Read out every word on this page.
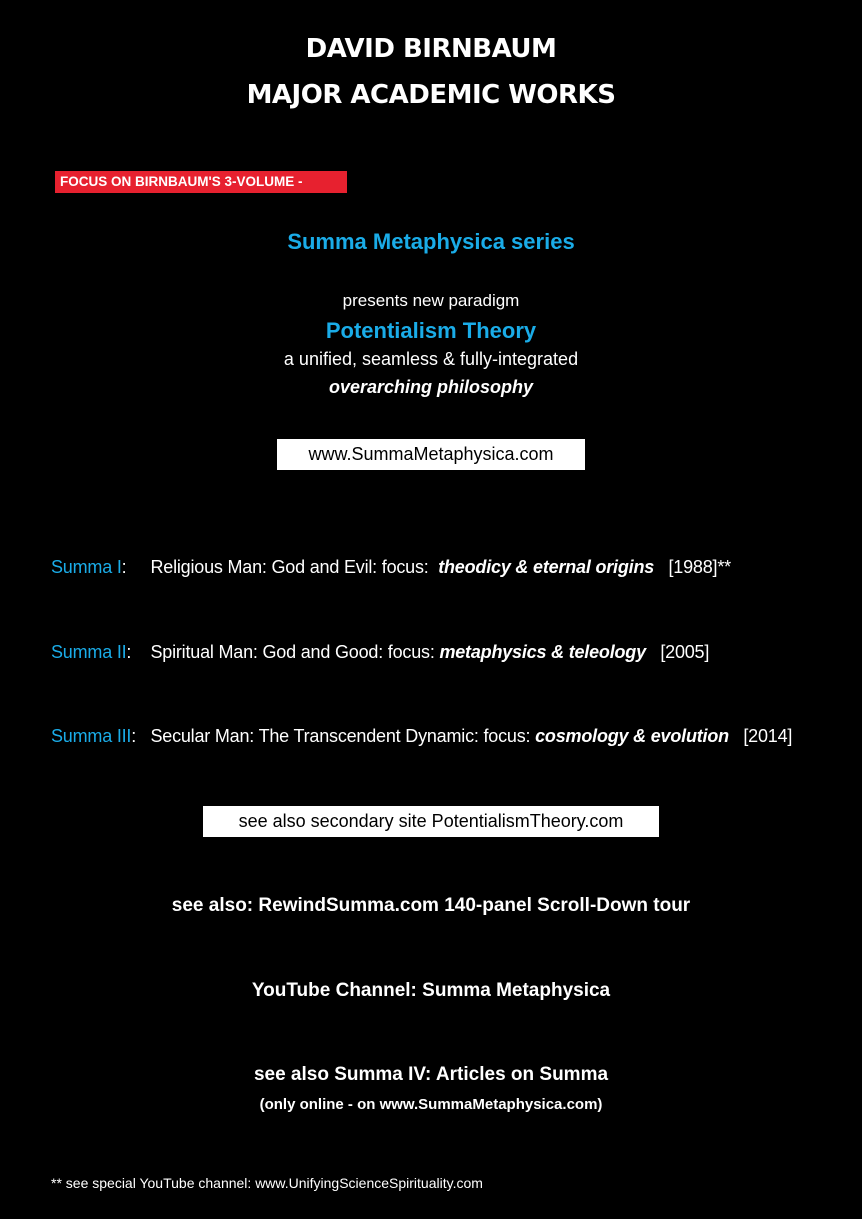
DAVID BIRNBAUM
MAJOR ACADEMIC WORKS
FOCUS ON BIRNBAUM'S 3-VOLUME -
Summa Metaphysica series
presents new paradigm
Potentialism Theory
a unified, seamless & fully-integrated
overarching philosophy
www.SummaMetaphysica.com
Summa I: Religious Man: God and Evil: focus: theodicy & eternal origins [1988]**
Summa II: Spiritual Man: God and Good: focus: metaphysics & teleology [2005]
Summa III: Secular Man: The Transcendent Dynamic: focus: cosmology & evolution [2014]
see also secondary site PotentialismTheory.com
see also: RewindSumma.com 140-panel Scroll-Down tour
YouTube Channel: Summa Metaphysica
see also Summa IV: Articles on Summa
(only online - on www.SummaMetaphysica.com)
** see special YouTube channel: www.UnifyingScienceSpirituality.com
